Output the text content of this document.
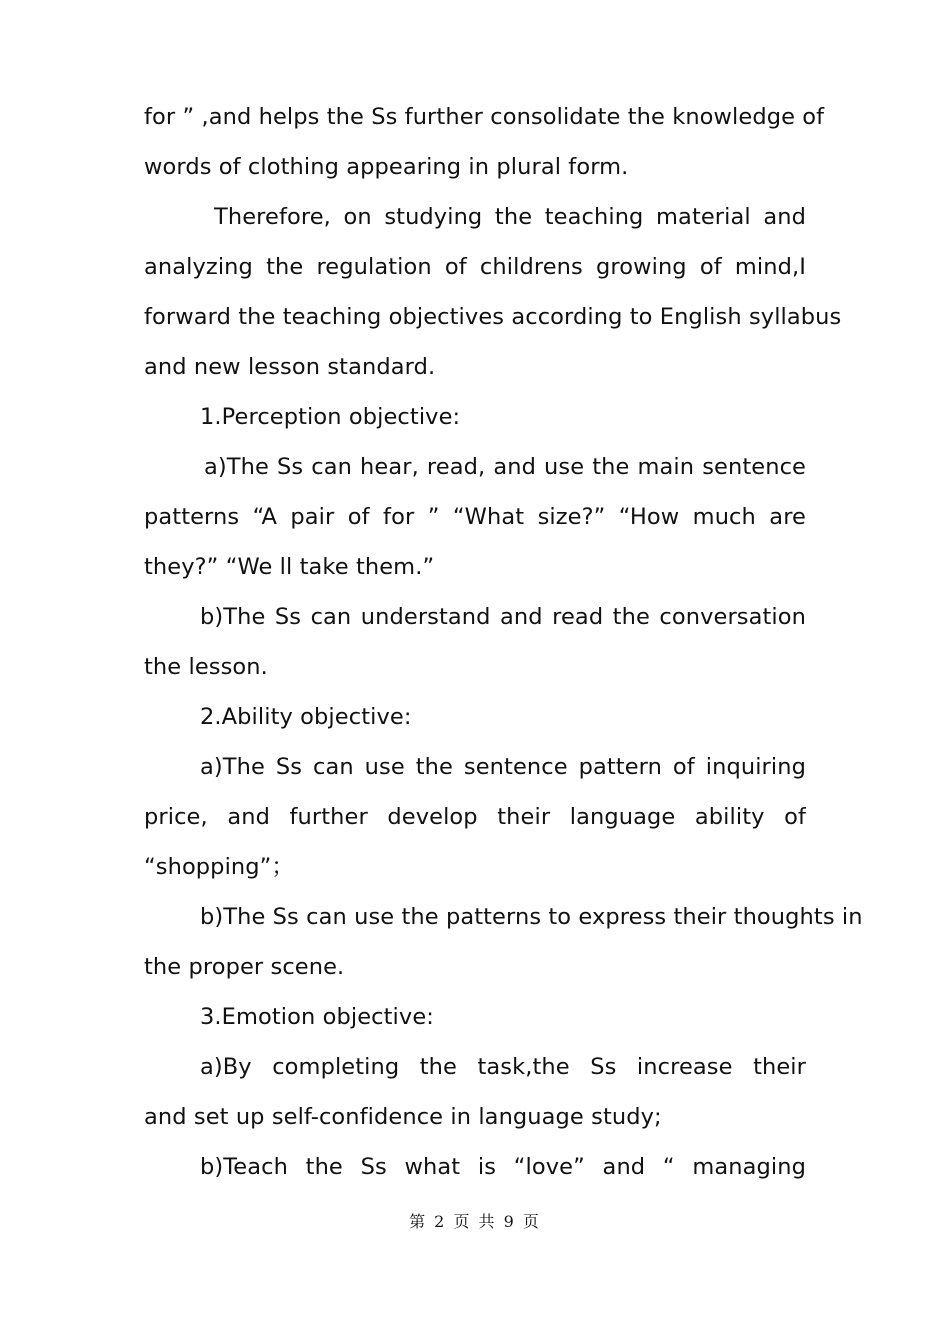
for ” ,and helps the Ss further consolidate the knowledge of
words of clothing appearing in plural form.
Therefore, on studying the teaching material and
analyzing the regulation of childrens growing of mind,I
forward the teaching objectives according to English syllabus
and new lesson standard.
1.Perception objective:
a)The Ss can hear, read, and use the main sentence
patterns “A pair of for ” “What size?” “How much are
they?” “We ll take them.”
b)The Ss can understand and read the conversation
the lesson.
2.Ability objective:
a)The Ss can use the sentence pattern of inquiring
price, and further develop their language ability of
“shopping”；
b)The Ss can use the patterns to express their thoughts in
the proper scene.
3.Emotion objective:
a)By completing the task,the Ss increase their
and set up self-confidence in language study;
b)Teach the Ss what is “love” and “ managing
第 2 页 共 9 页
